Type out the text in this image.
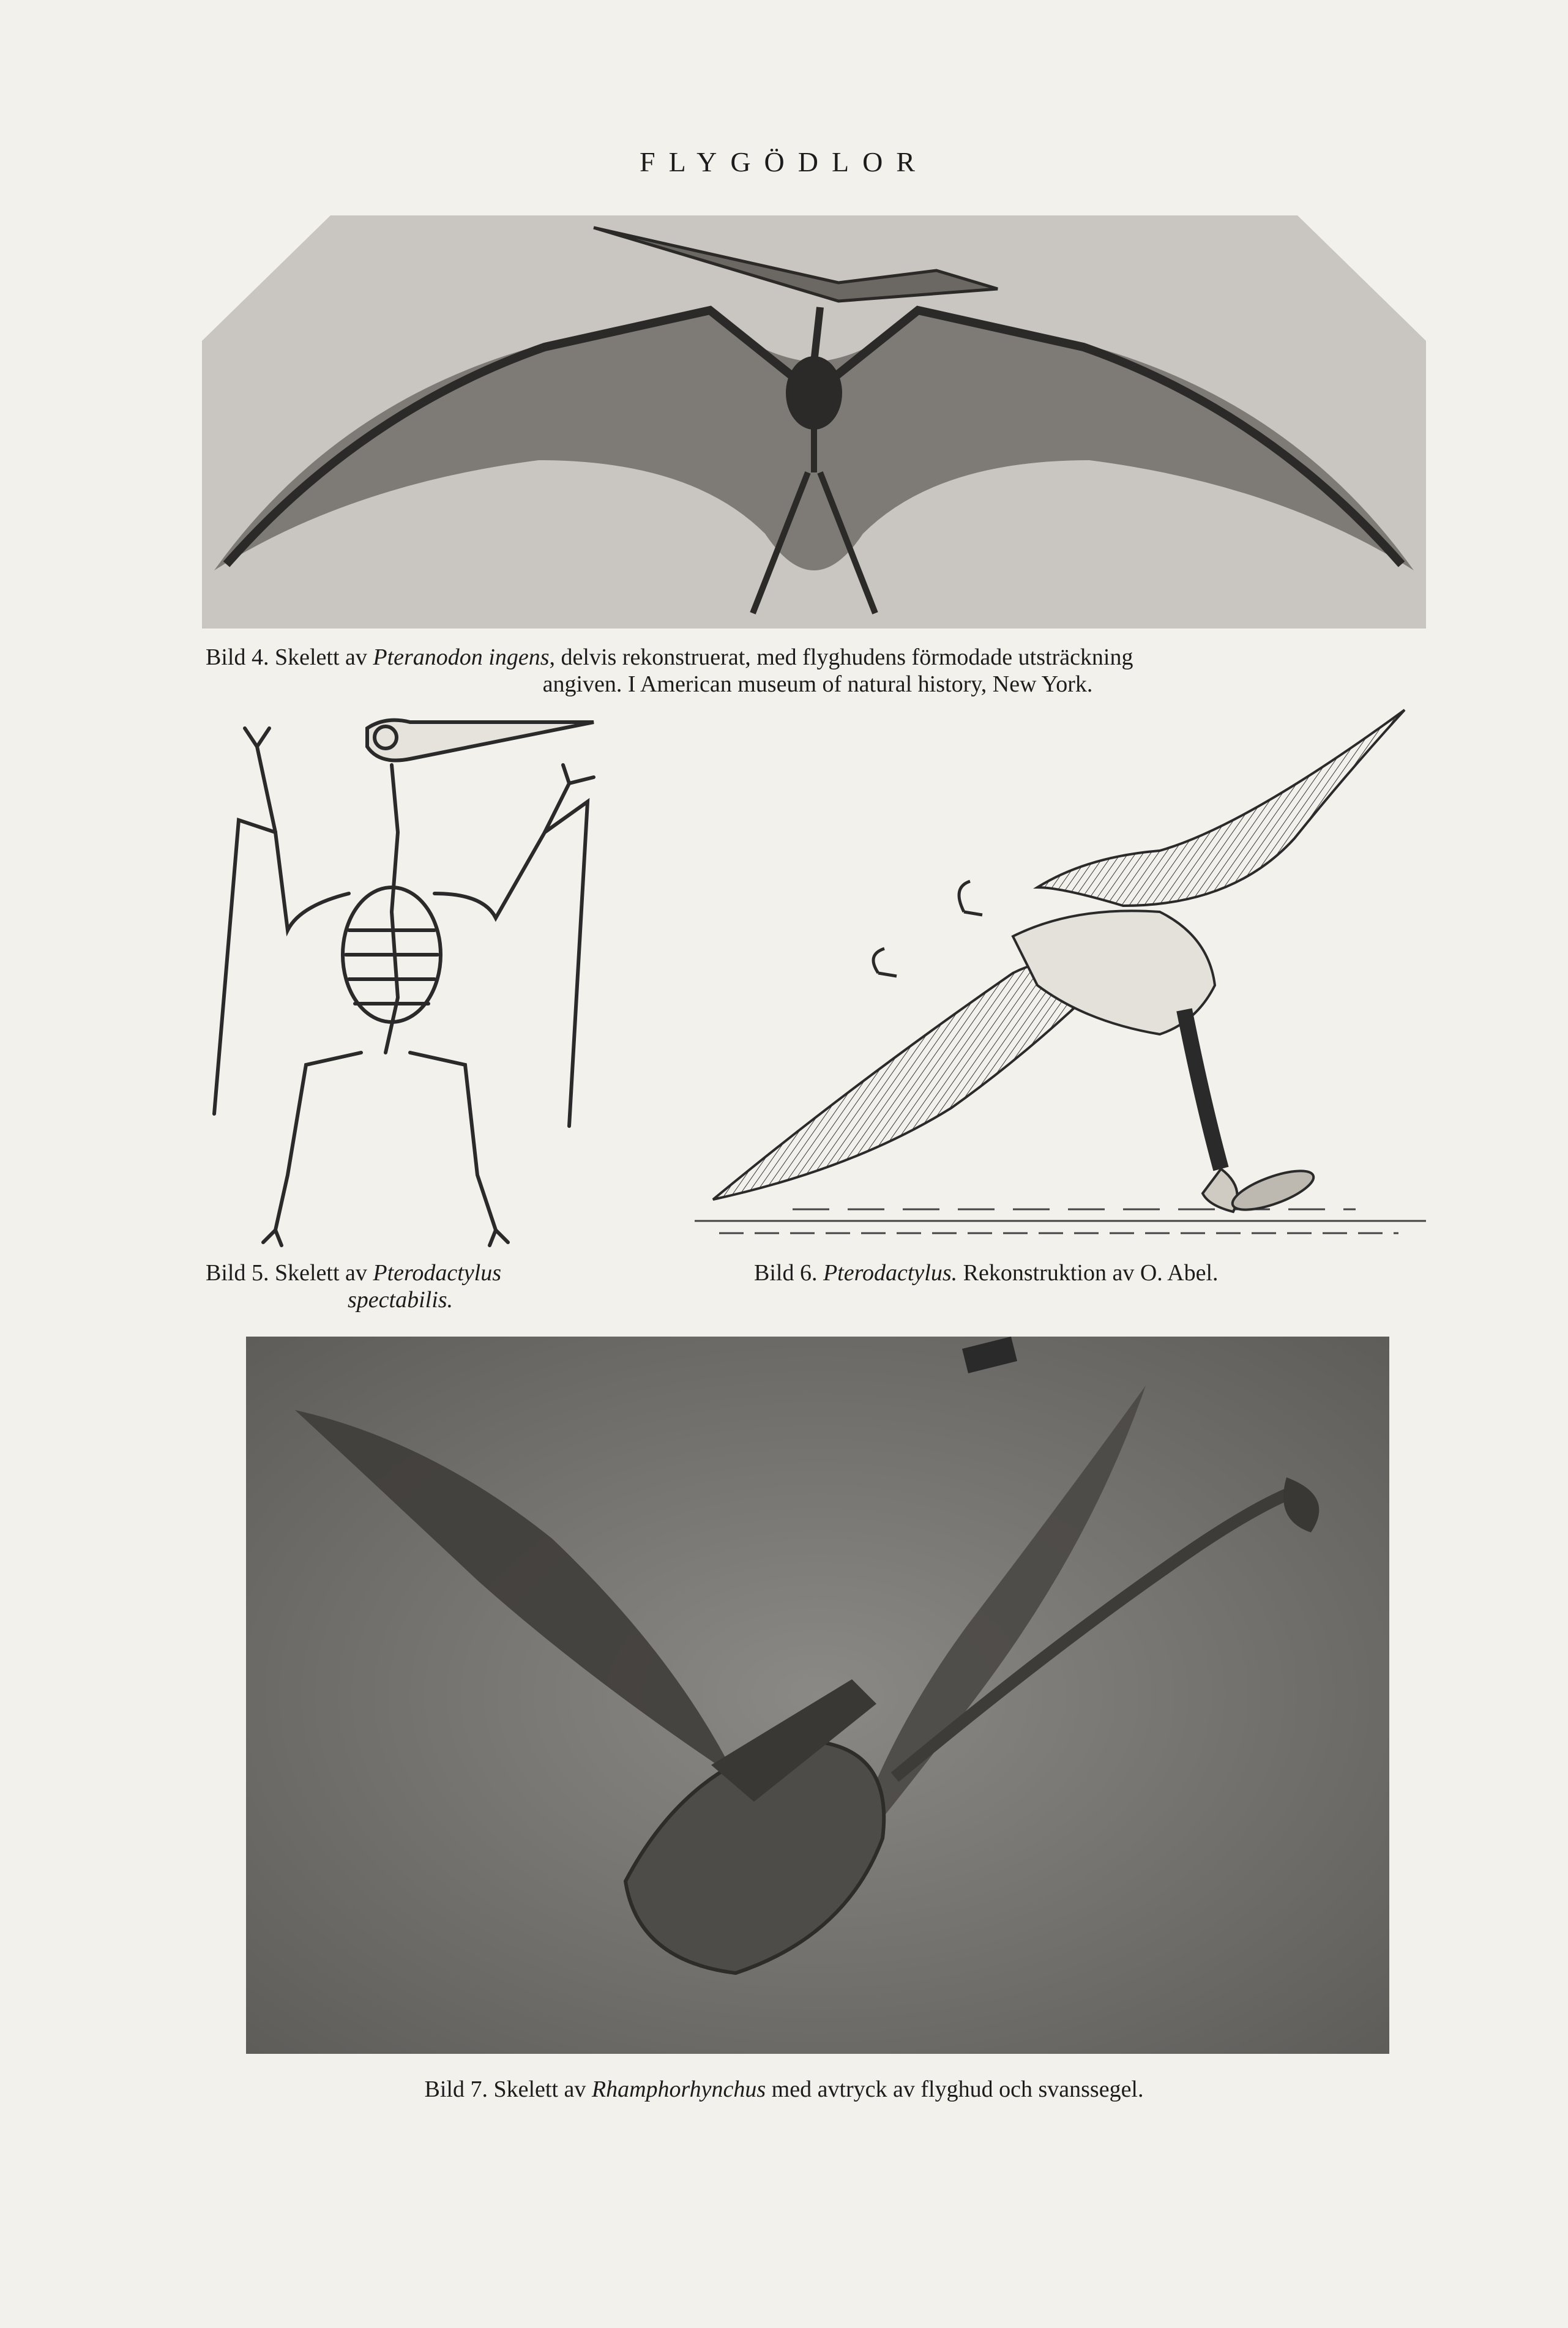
FLYGÖDLOR
Bild 4. Skelett av Pteranodon ingens, delvis rekonstruerat, med flyghudens förmodade utsträckning
angiven. I American museum of natural history, New York.
Bild 5. Skelett av Pterodactylus
spectabilis.
Bild 6. Pterodactylus. Rekonstruktion av O. Abel.
Bild 7. Skelett av Rhamphorhynchus med avtryck av flyghud och svanssegel.
